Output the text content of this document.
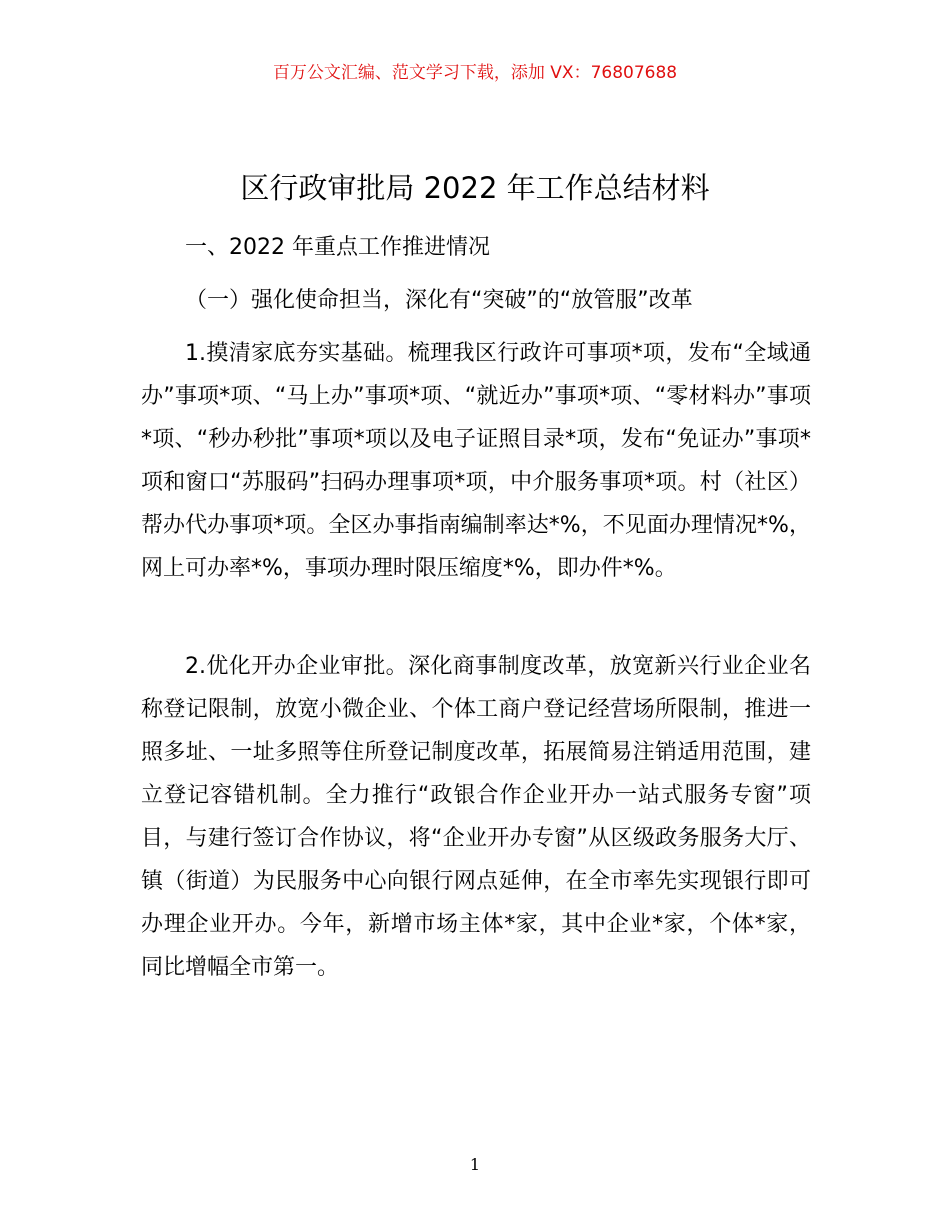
百万公文汇编、范文学习下载，添加 VX：76807688
区行政审批局 2022 年工作总结材料

一、2022 年重点工作推进情况

（一）强化使命担当，深化有“突破”的“放管服”改革

1.摸清家底夯实基础。梳理我区行政许可事项*项，发布“全域通办”事项*项、“马上办”事项*项、“就近办”事项*项、“零材料办”事项*项、“秒办秒批”事项*项以及电子证照目录*项，发布“免证办”事项*项和窗口“苏服码”扫码办理事项*项，中介服务事项*项。村（社区）帮办代办事项*项。全区办事指南编制率达*%，不见面办理情况*%，网上可办率*%，事项办理时限压缩度*%，即办件*%。

2.优化开办企业审批。深化商事制度改革，放宽新兴行业企业名称登记限制，放宽小微企业、个体工商户登记经营场所限制，推进一照多址、一址多照等住所登记制度改革，拓展简易注销适用范围，建立登记容错机制。全力推行“政银合作企业开办一站式服务专窗”项目，与建行签订合作协议，将“企业开办专窗”从区级政务服务大厅、镇（街道）为民服务中心向银行网点延伸，在全市率先实现银行即可办理企业开办。今年，新增市场主体*家，其中企业*家，个体*家，同比增幅全市第一。

1
